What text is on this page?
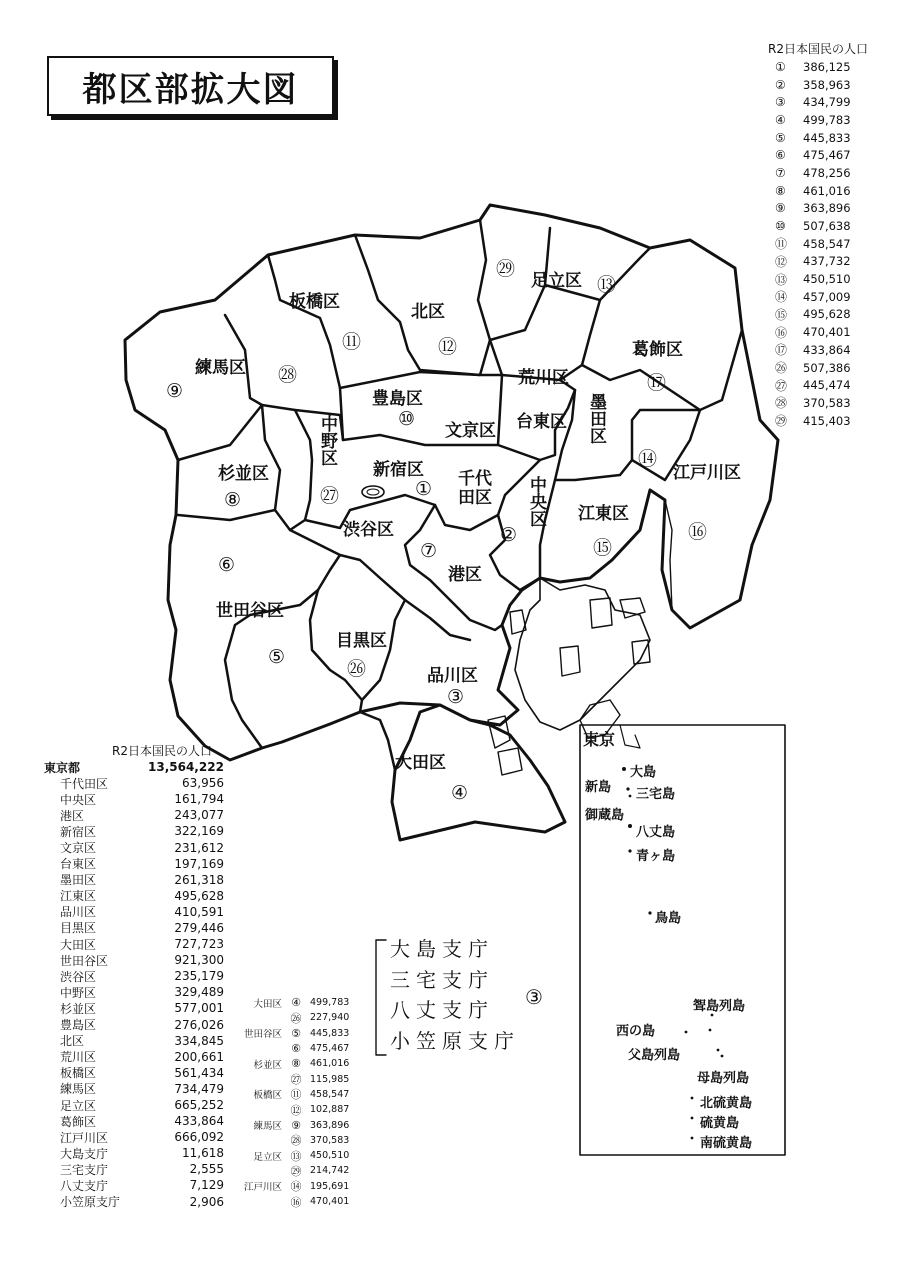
都区部拡大図
R2日本国民の人口
①	386,125
②	358,963
③	434,799
④	499,783
⑤	445,833
⑥	475,467
⑦	478,256
⑧	461,016
⑨	363,896
⑩	507,638
⑪	458,547
⑫	437,732
⑬	450,510
⑭	457,009
⑮	495,628
⑯	470,401
⑰	433,864
㉖	507,386
㉗	445,474
㉘	370,583
㉙	415,403
板橋区	北区
足立区
練馬区
葛飾区
荒川区
豊島区
文京区 台東区 墨田区
中野区
新宿区
杉並区	千代田区	中央区
江戸川区
江東区
渋谷区
港区
世田谷区
目黒区
品川区
大田区
①
②
③
④
⑤
⑥
⑦
⑧
⑨
⑩
⑪	⑫
⑬
⑭
⑮
⑯
⑰
㉖
㉗
㉘
㉙
東京
大島
新島 三宅島
御蔵島
八丈島
青ヶ島
鳥島
聟島列島
西の島
父島列島
母島列島
北硫黄島
硫黄島
南硫黄島
R2日本国民の人口
東京都	13,564,222
千代田区	63,956
中央区	161,794
港区	243,077
新宿区	322,169
文京区	231,612
台東区	197,169
墨田区	261,318
江東区	495,628
品川区	410,591
目黒区	279,446
大田区	727,723
世田谷区	921,300
渋谷区	235,179
中野区	329,489
杉並区	577,001
豊島区	276,026
北区	334,845
荒川区	200,661
板橋区	561,434
練馬区	734,479
足立区	665,252
葛飾区	433,864
江戸川区	666,092
大島支庁	11,618
三宅支庁	2,555
八丈支庁	7,129
小笠原支庁	2,906
大島支庁
三宅支庁
八丈支庁
小笠原支庁
③
大田区 ④ 499,783
㉖ 227,940
世田谷区 ⑤ 445,833
⑥ 475,467
杉並区 ⑧ 461,016
㉗ 115,985
板橋区 ⑪ 458,547
⑫ 102,887
練馬区 ⑨ 363,896
㉘ 370,583
足立区 ⑬ 450,510
㉙ 214,742
江戸川区 ⑭ 195,691
⑯ 470,401
